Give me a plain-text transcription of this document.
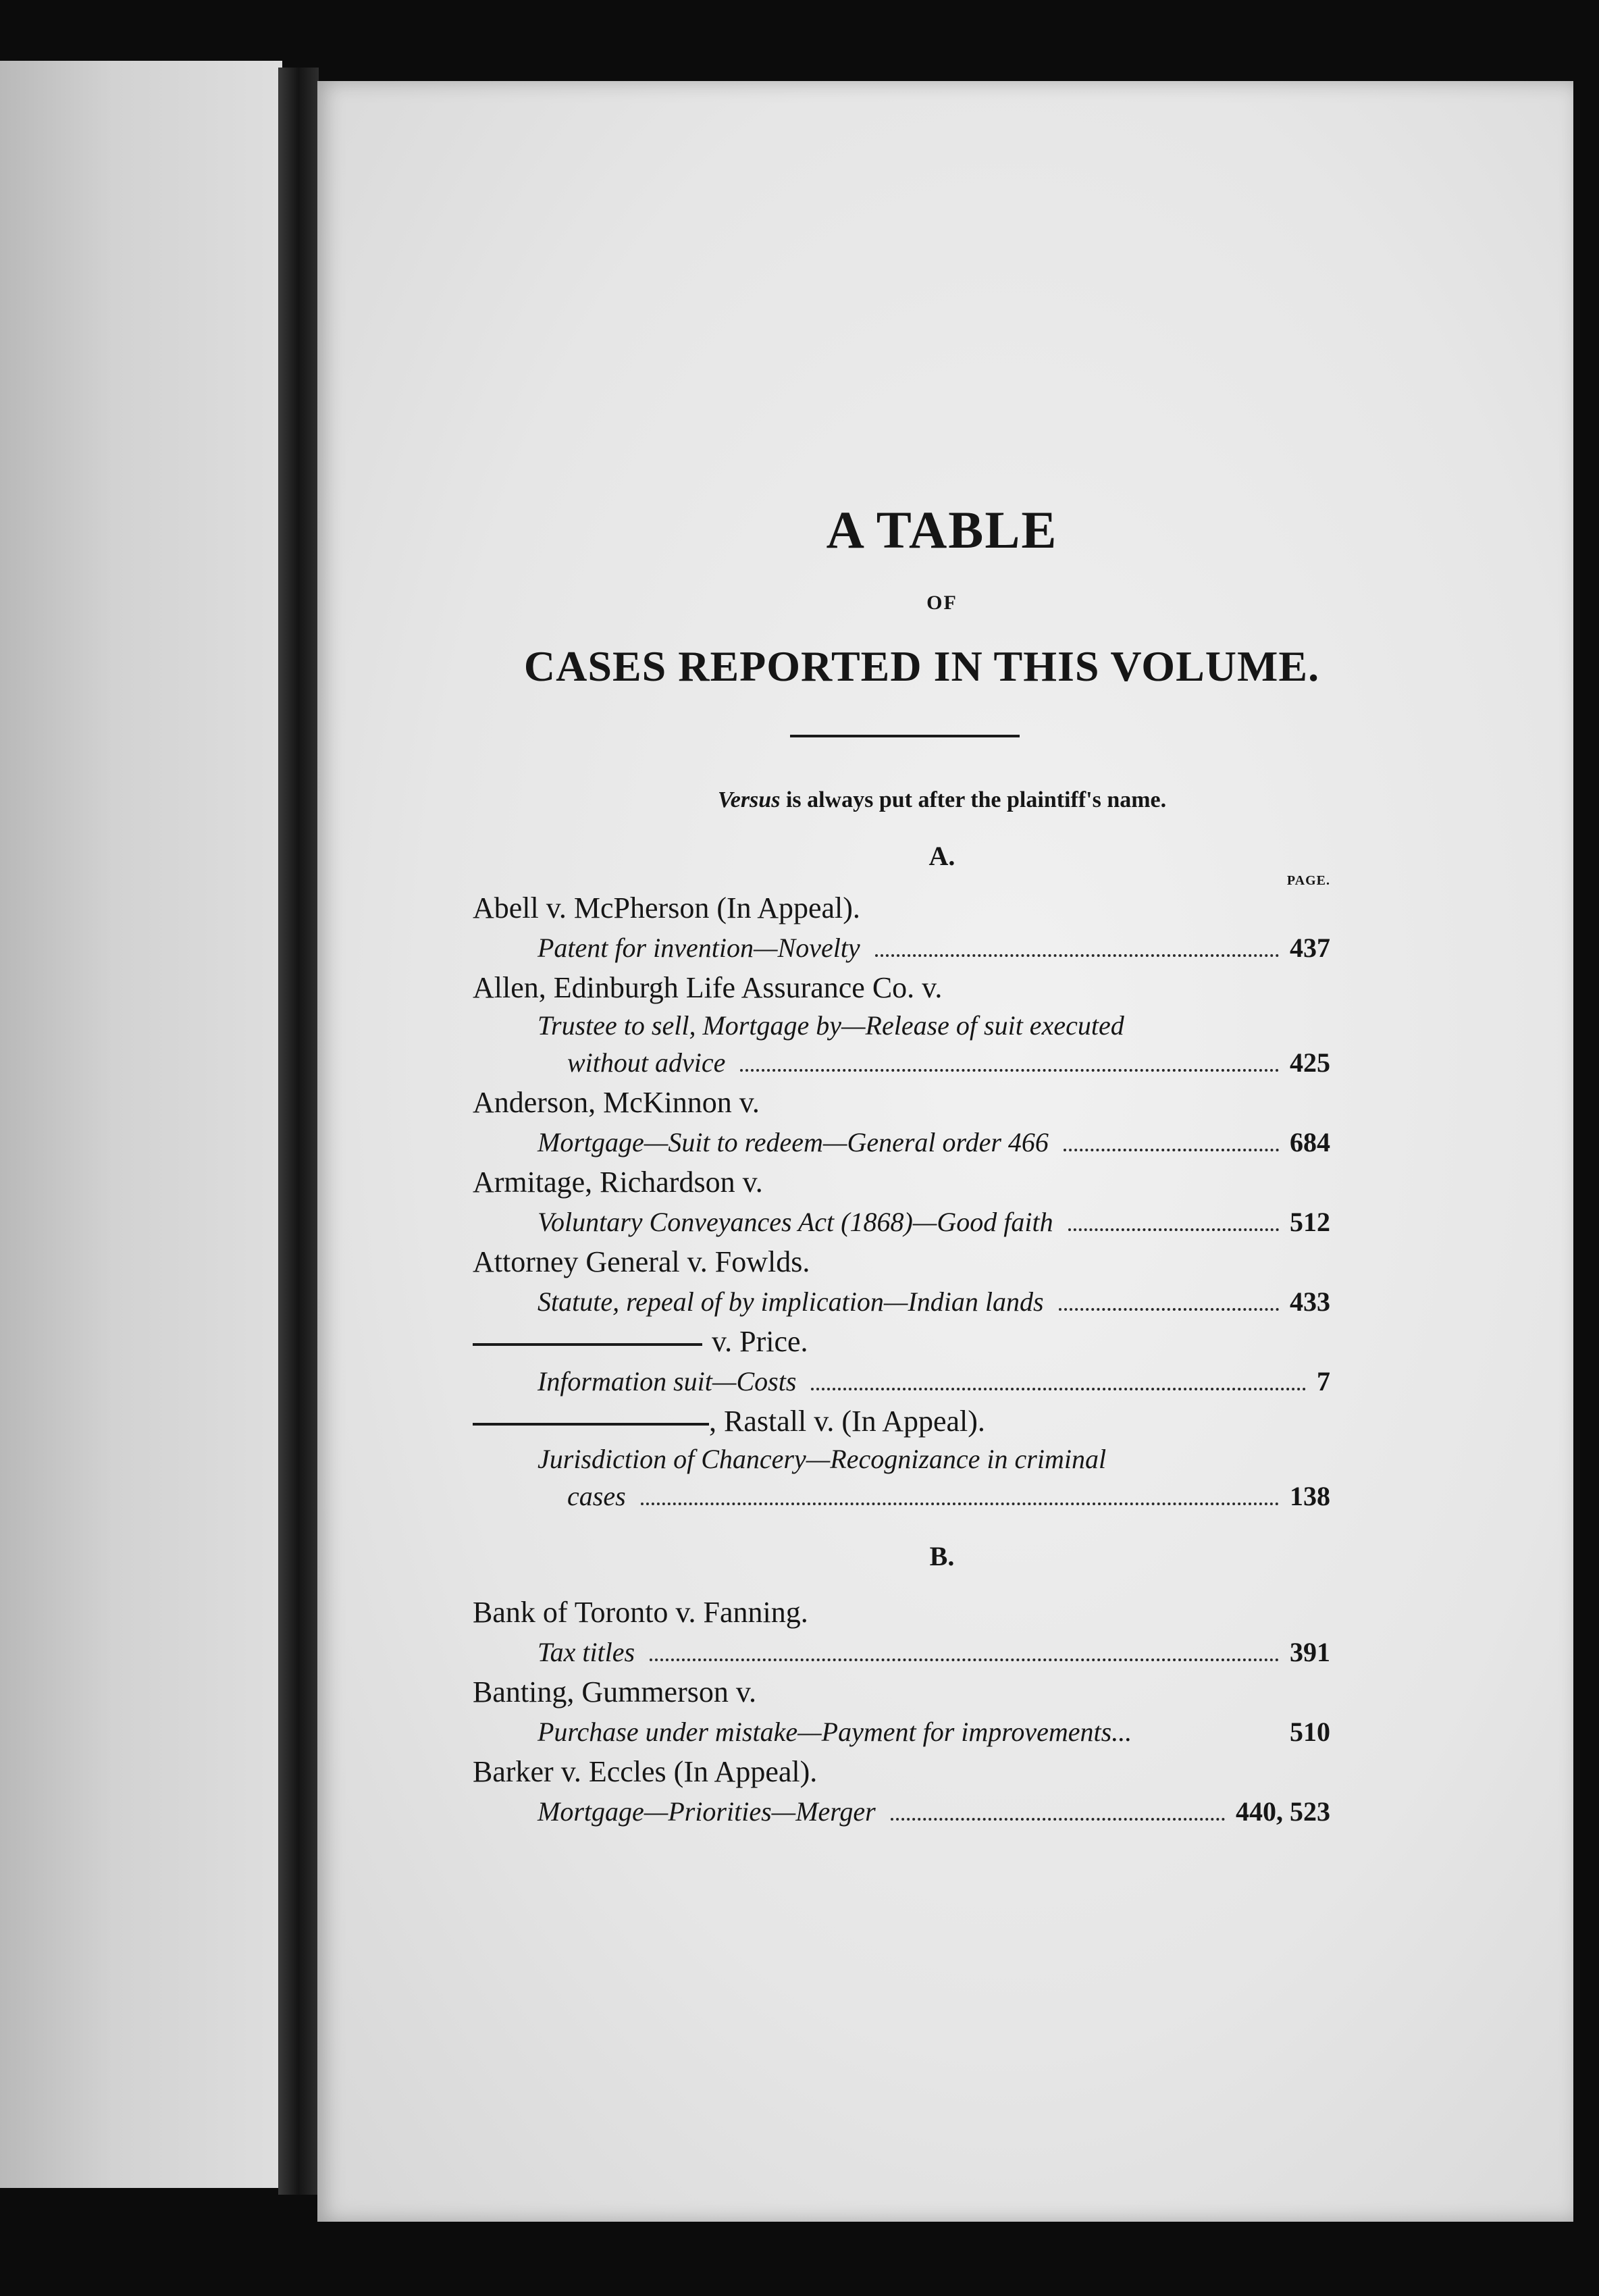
A TABLE
OF
CASES REPORTED IN THIS VOLUME.
Versus is always put after the plaintiff's name.
A.
PAGE.
Abell v. McPherson (In Appeal).
Patent for invention—Novelty	437
Allen, Edinburgh Life Assurance Co. v.
Trustee to sell, Mortgage by—Release of suit executed
without advice	425
Anderson, McKinnon v.
Mortgage—Suit to redeem—General order 466	684
Armitage, Richardson v.
Voluntary Conveyances Act (1868)—Good faith	512
Attorney General v. Fowlds.
Statute, repeal of by implication—Indian lands	433
v. Price.
Information suit—Costs	7
, Rastall v. (In Appeal).
Jurisdiction of Chancery—Recognizance in criminal
cases	138
B.
Bank of Toronto v. Fanning.
Tax titles	391
Banting, Gummerson v.
Purchase under mistake—Payment for improvements...	510
Barker v. Eccles (In Appeal).
Mortgage—Priorities—Merger	440, 523
